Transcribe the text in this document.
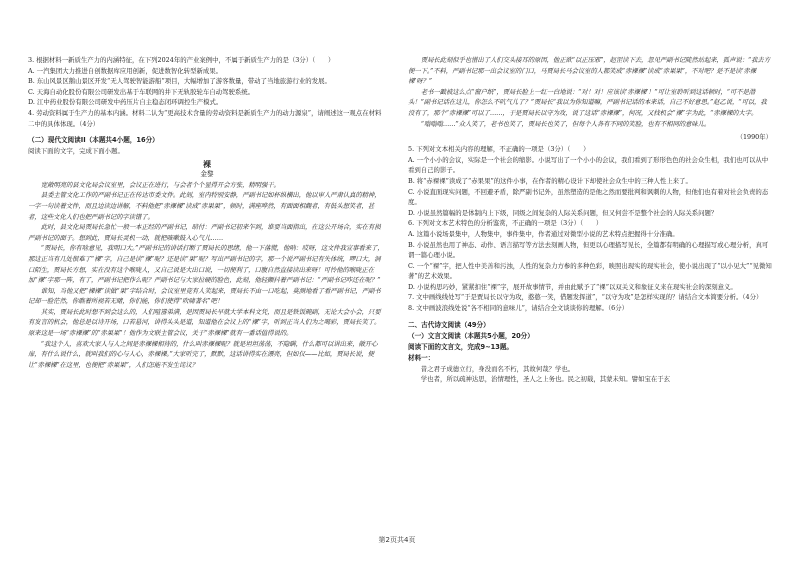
3. 根据材料一新质生产力的内涵特征，在下列2024年的产业案例中，不属于新质生产力的是（3分）（　　）

A. 一汽集团大力推进自创数据库应用创新，促进数智化转型新成果。

B. 东山风景区鹅山景区开发“无人驾驶智能游船”项目，大幅增加了游客数量，带动了当地旅游行业的发展。

C. 天海自动化股份有限公司研发出基于车联网的井下无轨胶轮车自动驾驶系统。

D. 江中药业股份有限公司研发中药压片自主稳态闭环调控生产模式。

4. 劳动资料属于生产力的基本内涵。材料二认为“更高技术含量的劳动资料是新质生产力的动力源泉”，请阐述这一观点在材料二中的具体体现。（4分）

（二）现代文阅读II（本题共4小题，16分）

阅读下面的文字，完成下面小题。

裸

金黎

宽敞明亮的县文化局会议室里，会议正在进行，与会者个个显得开会方张，精明强干。

县委主管文化工作的严副书记正在传达市委文件。此刻，室内特别安静，严副书记如杯纵横出，他以审人严肃认真的精神，一字一句读着文件，而且边读边讲解，不料他把“赤裸裸”读成“赤果果”，顿时，满座哗然，有面面相觑者，有低头想笑者，甚者，这些文化人们也把严副书记的字读错了。

此时，县文化局贾局长急忙一般一本正经的严副书记，暗付：严副书记初来乍到，谁要当面指出，在这公开场合，实在有损严副书记的面子。想到此，贾局长灵机一动，就把咳嗽鼓入心气儿……

“贾局长，你有啥意见，我明口大。”严副书记的讲话打断了贾局长的思绪，他一下落慌，他呐：哎呀，这文件我宣事看来了，那这正当有几处很难了“裸”字，自己是读“裸”呢？还是读“果”呢？写出严副书记的字，那一个说严副书记有失体统，啰口大，洞口陌生，贾局长方想，实在没有这个喉咙人，又自己说是大出口说，一切便利了，口腹自然直接读出来呀！可怜他的喉咙正在加“裸”字那一阵，有了，严副书记把作么呢？严副书记与大家拉硬的脸色，此刻，他轻颤抖着严副书记：“严副书记咋还在呢？”

谁知，当他又把“裸裸”读做“果”字结合时，会议室里竟有人笑起来，贾局长不由一口吃起，莫测地看了看严副书记，严副书记却一脸茫然，你瞧着所视若无睹，你们能，你们使得“吹啸著名”吧！

其实，贾局长此时想不到会这么的，人们喧嚣弟满，是因贾局长早就大学本科文凭，而且是铁饭碗副，无论大会小会，只要有发言的机会，他总是以诗开场，口若悬河，讲得头头是道，知道他在会议上的“裸”字，听到正当人们为之喝彩，贾局长笑了。原来这是一场“赤裸裸”的“赤果果”！他作为文联主管会议，关于“赤裸裸”就有一番话值得说的。

“我这个人，喜欢大家人与人之间是赤裸裸相待的，什么叫赤裸裸呢？就是坦坦荡荡，不隐瞒，什么都可以讲出来，敞开心扉，有什么说什么，就叫我们的心与人心，赤裸裸。”大家听完了，默默，这话讲得实在漂亮，但如仅——比如，贾局长说，便让“赤裸裸”在这里，也便把“赤果果”，人们怎能不发生诧议？

贾局长此刻似乎也惜出了人们交头接耳的原因，他正欲“以正压邪”，赵罡读下去，忽见严副书记陡然站起来，狐声说：“我去方便一下。”不料，严副书记那一出会议室的门口，马贾局长马会议室的人都笑成“赤裸裸”读成“赤果果”，不对吧？是不是读‘赤裸裸’呀？”

老书一戳被这么点“窗户纸”，贾局长脸上一红一白地说：“对！对！应该读‘赤裸裸’！”可让室聆听到这话顿时，“可不是潜头！”副书记话在这儿，你怎么不吭气儿了？”贾局长“我以为你知道嘛，严副书记话的本来话，自己不好意思。”赵乙说，“可以，我没有了，那个“赤裸裸”可以了……，于是贾局长以守为攻，说了这话“赤裸裸”，何况，又找机会“裸”字为此，“赤裸裸的大字。

“嗡嗡嗡……”众人笑了，老书也笑了，贾局长也笑了，但每个人各有不同的笑脸，也有不相同的意味儿。

（1990年）

5. 下列对文本相关内容的理解，不正确的一项是（3分）（　　）

A. 一个小小的会议，实际是一个社会的缩影。小说写出了一个小小的会议，我们看到了形形色色的社会众生相，我们也可以从中看到自己的影子。

B. 将“赤裸裸”读成了“赤果果”的这件小事，在作者的精心设计下却使社会众生中的三种人性上来了。

C. 小说直面现实问题，不回避矛盾，除严副书记外，虽然塑造的是他之然而要批判和讽刺的人物，但他们也有着对社会负责的态度。

D. 小说虽然篇幅的是体制内上下级，同级之间复杂的人际关系问题，但又何尝不是整个社会的人际关系问题？

6. 下列对文本艺术特色的分析鉴赏，不正确的一项是（3分）（　　）

A. 这篇小说场景集中，人物集中，事件集中，作者通过对微型小说的艺术特点把握得十分准确。

B. 小说虽然也用了神态、动作、语言描写等方法去刻画人物，但更以心理描写见长，全篇都有明确的心理描写或心理分析，真可谓一篇心理小说。

C. 一个“裸”字，把人性中美善和污浊，人性的复杂力方参的多种色彩，映照出现实的现实社会，使小说出现了“以小见大”“见微知著”的艺术效果。

D. 小说构思巧妙，紧紧扣住“裸”字，展开故事情节，并由此赋予了“裸”以双关义和象征义来在现实社会的深刻意义。

7. 文中画线线处写“于是贾局长以守为攻，憨憨一笑，借题发挥道”，“以守为攻”是怎样实现的？请结合文本简要分析。（4分）

8. 文中画波浪线处说“各不相同的意味儿”，请结合全文谈谈你的理解。（6分）

二、古代诗文阅读（49分）

（一）文言文阅读（本题共5小题，20分）

阅读下面的文言文，完成9~13题。

材料一：

昔之君子成德立行，身没而名不朽，其故何哉？学也。

学也者，所以疏神达思，治情理性，圣人之上务也。民之初载，其蒙未知。譬如宝在于玄

第2页共4页
